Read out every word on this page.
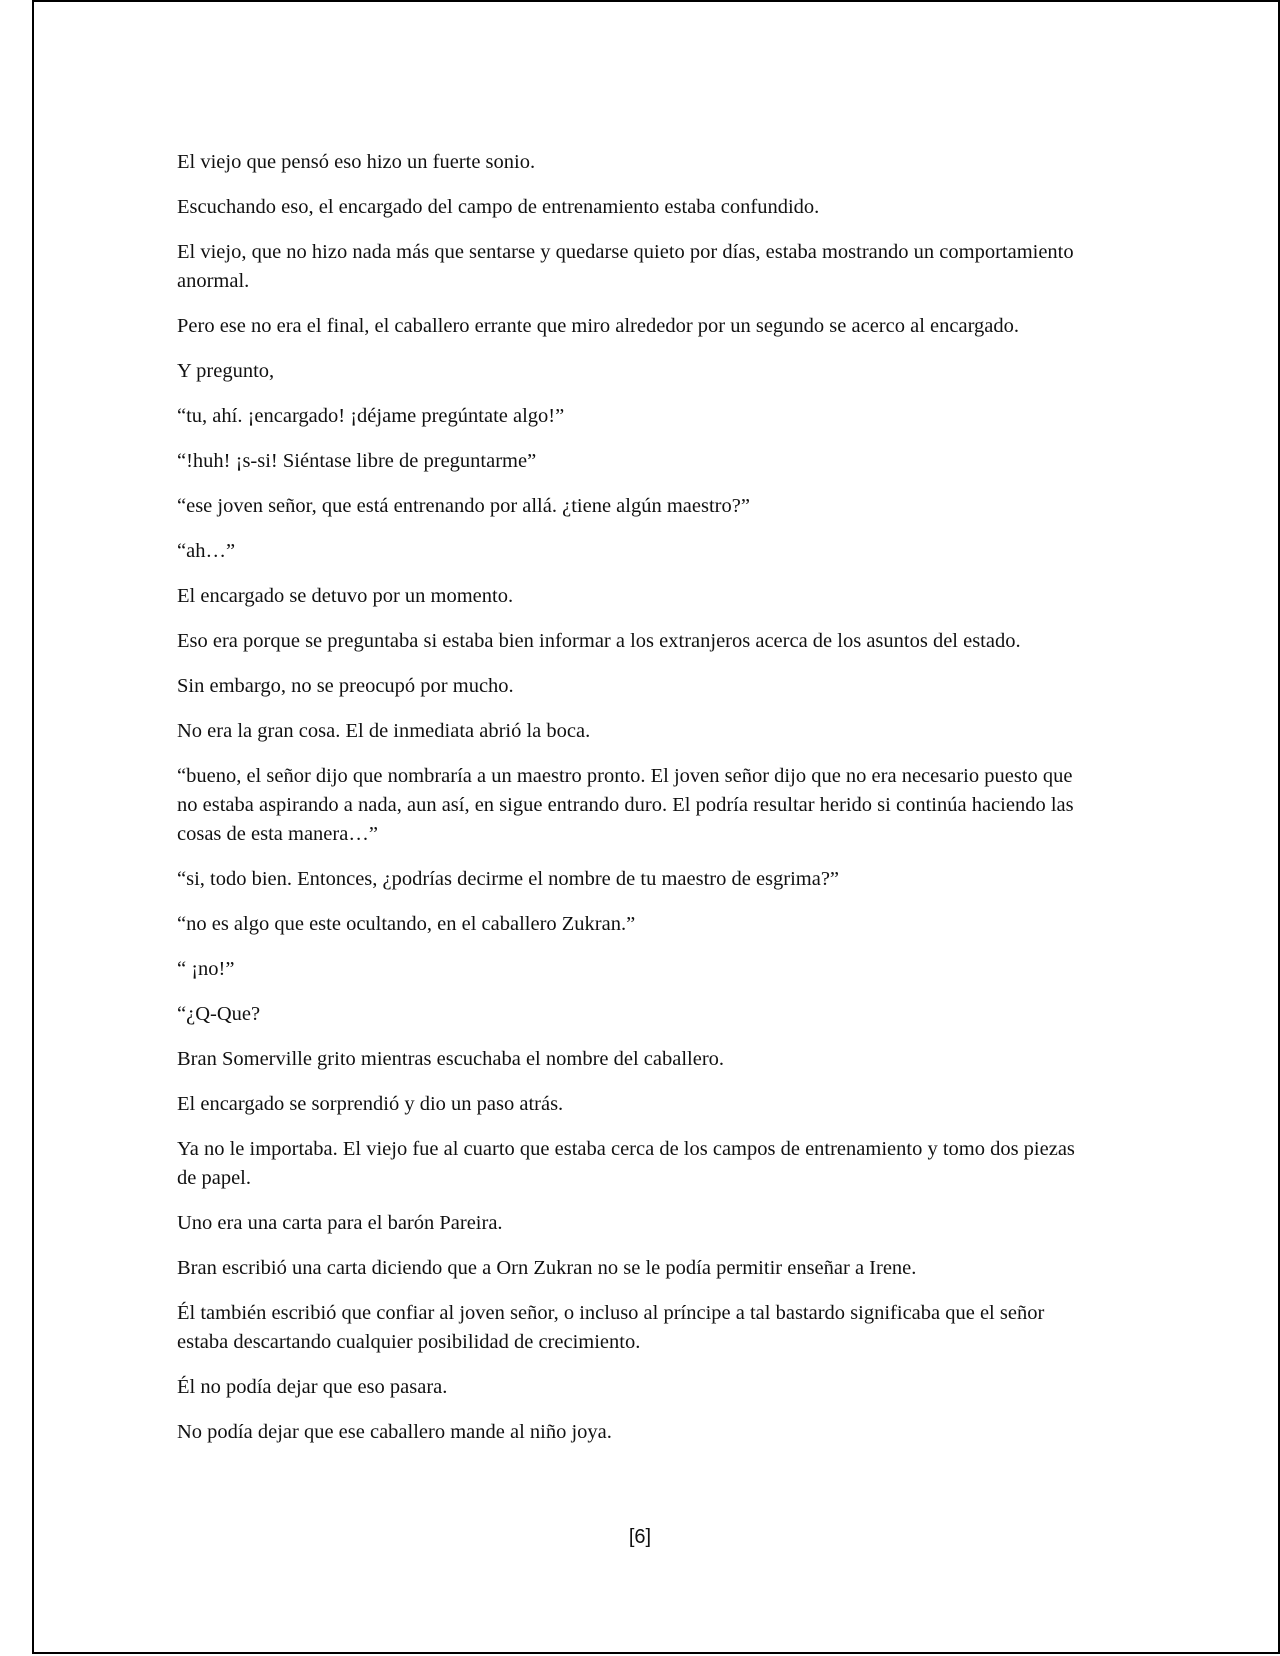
El viejo que pensó eso hizo un fuerte sonio.

Escuchando eso, el encargado del campo de entrenamiento estaba confundido.

El viejo, que no hizo nada más que sentarse y quedarse quieto por días, estaba mostrando un comportamiento anormal.

Pero ese no era el final, el caballero errante que miro alrededor por un segundo se acerco al encargado.

Y pregunto,

“tu, ahí. ¡encargado! ¡déjame pregúntate algo!”

“!huh! ¡s-si! Siéntase libre de preguntarme”

“ese joven señor, que está entrenando por allá. ¿tiene algún maestro?”

“ah…”

El encargado se detuvo por un momento.

Eso era porque se preguntaba si estaba bien informar a los extranjeros acerca de los asuntos del estado.

Sin embargo, no se preocupó por mucho.

No era la gran cosa. El de inmediata abrió la boca.

“bueno, el señor dijo que nombraría a un maestro pronto. El joven señor dijo que no era necesario puesto que no estaba aspirando a nada, aun así, en sigue entrando duro. El podría resultar herido si continúa haciendo las cosas de esta manera…”

“si, todo bien. Entonces, ¿podrías decirme el nombre de tu maestro de esgrima?”

“no es algo que este ocultando, en el caballero Zukran.”

“ ¡no!”

“¿Q-Que?

Bran Somerville grito mientras escuchaba el nombre del caballero.

El encargado se sorprendió y dio un paso atrás.

Ya no le importaba. El viejo fue al cuarto que estaba cerca de los campos de entrenamiento y tomo dos piezas de papel.

Uno era una carta para el barón Pareira.

Bran escribió una carta diciendo que a Orn Zukran no se le podía permitir enseñar a Irene.

Él también escribió que confiar al joven señor, o incluso al príncipe a tal bastardo significaba que el señor estaba descartando cualquier posibilidad de crecimiento.

Él no podía dejar que eso pasara.

No podía dejar que ese caballero mande al niño joya.

[6]
